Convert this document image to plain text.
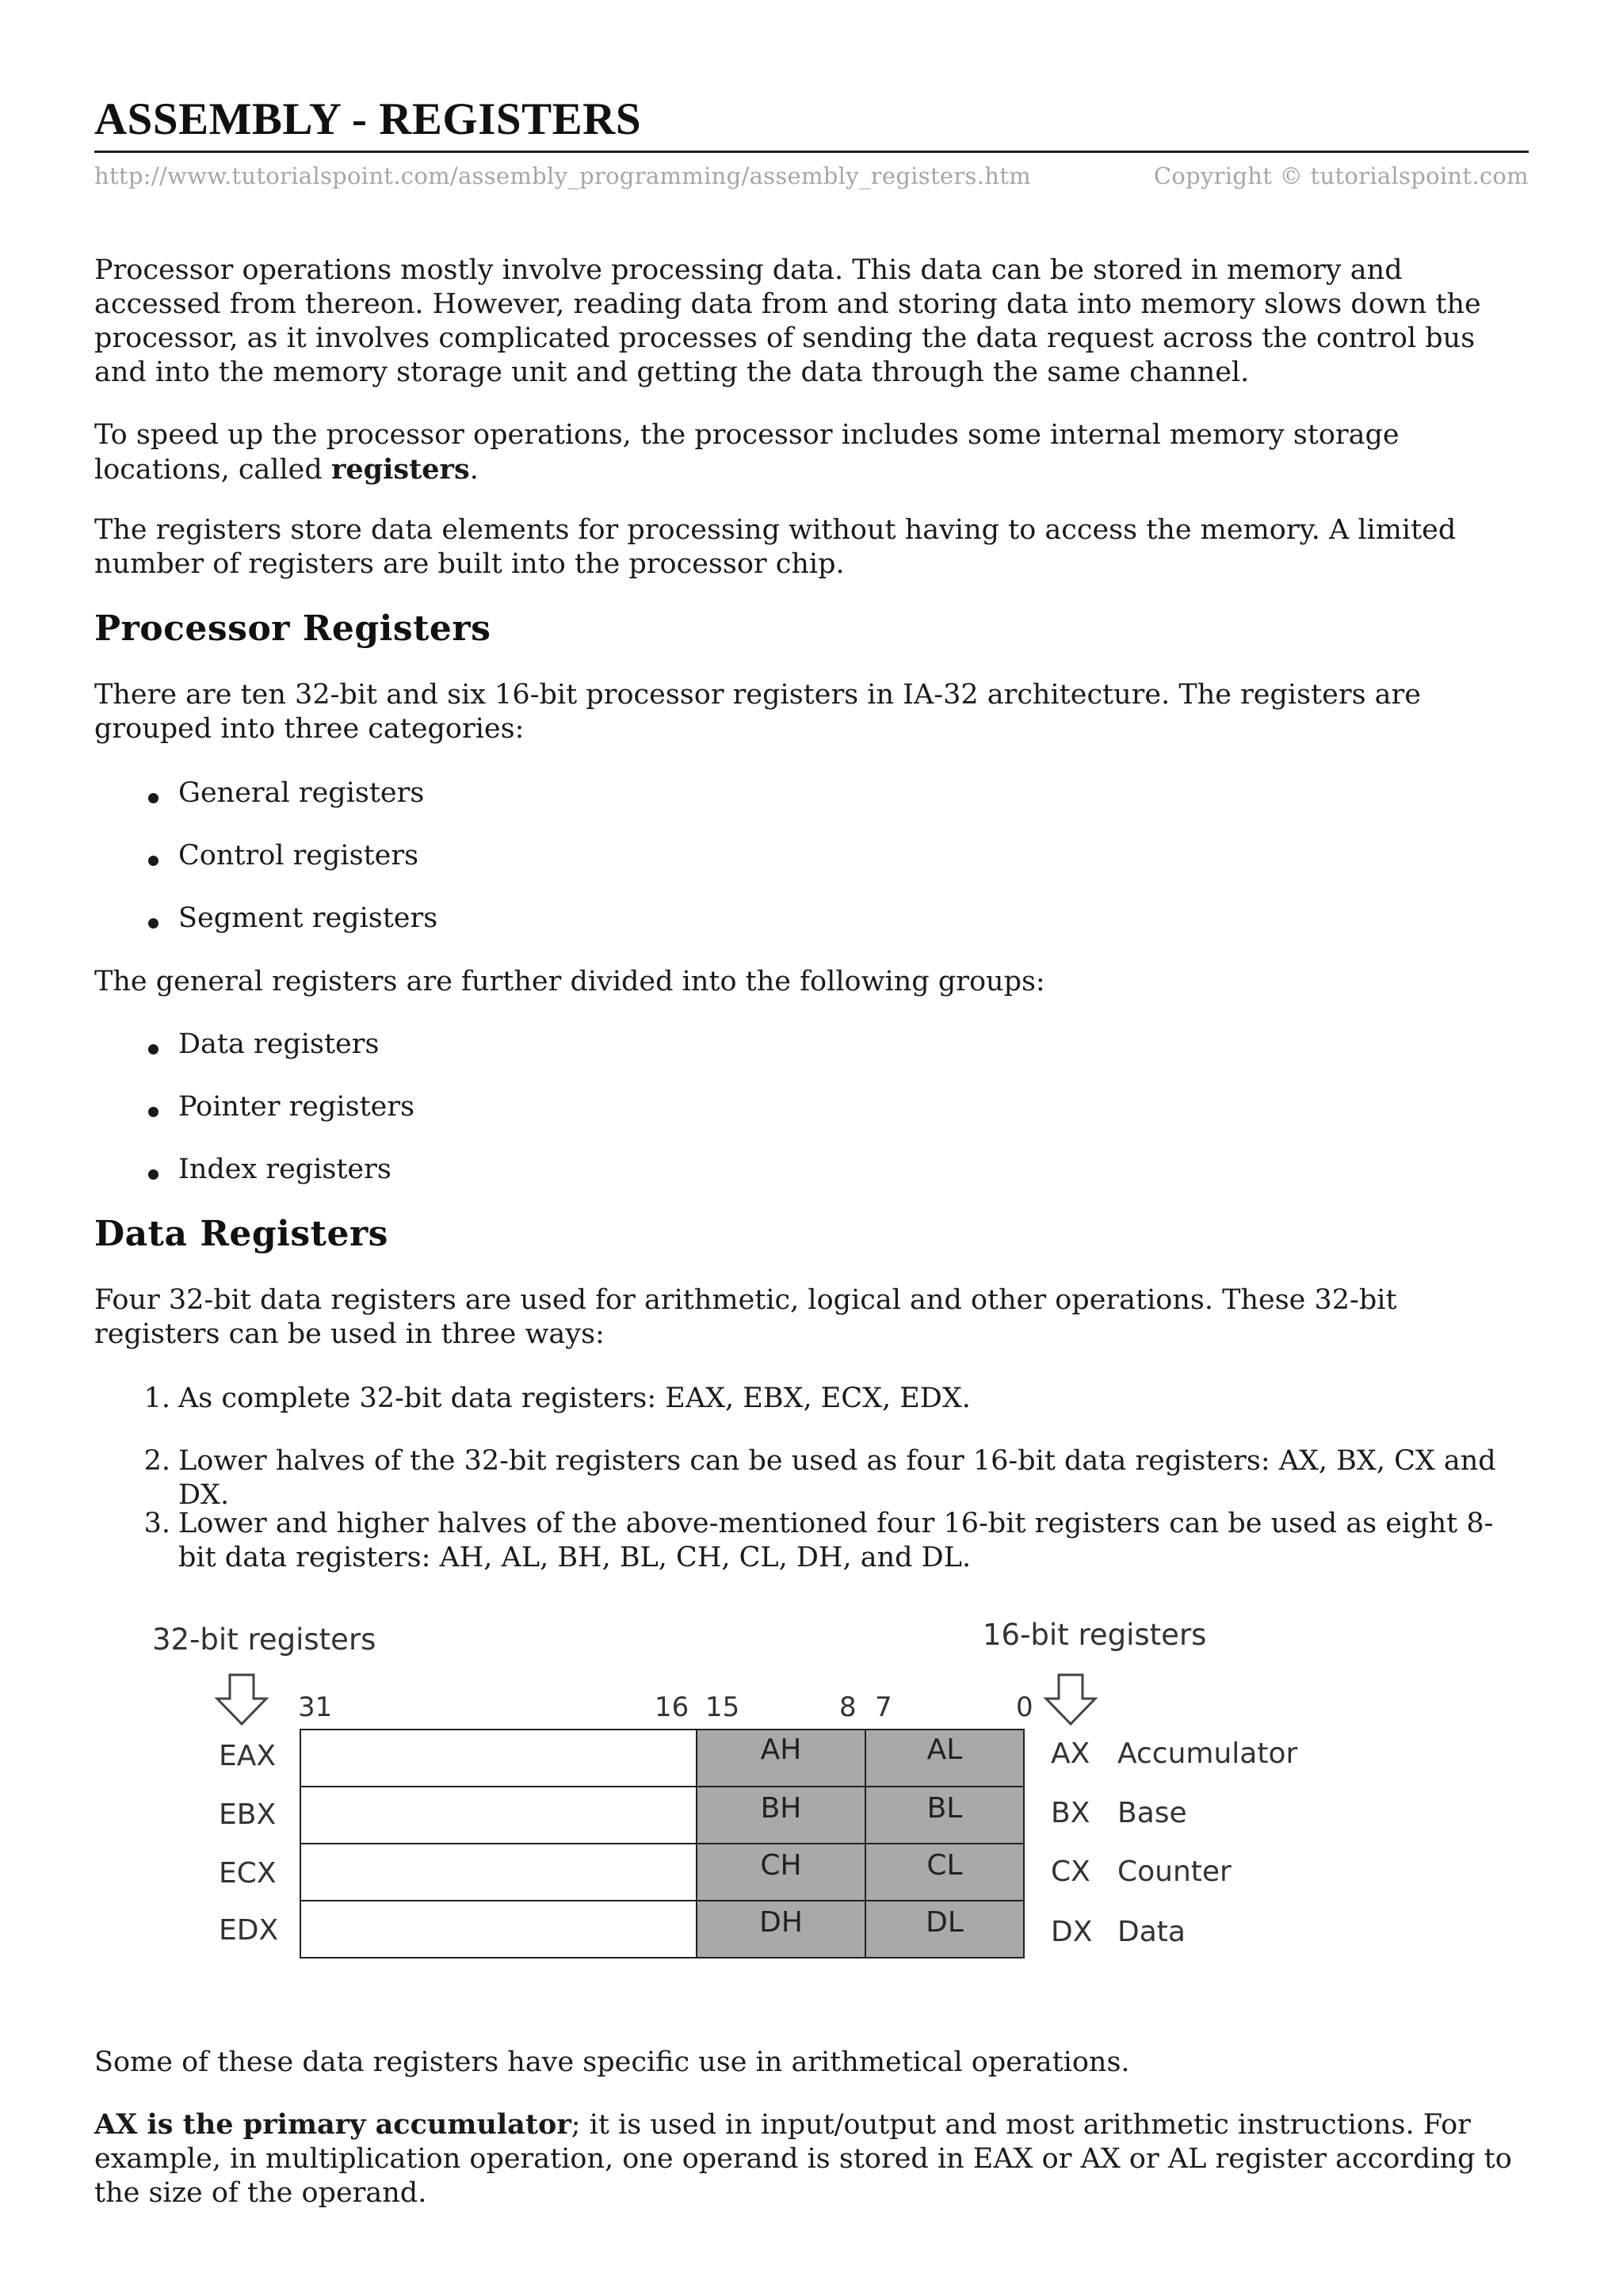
ASSEMBLY - REGISTERS
http://www.tutorialspoint.com/assembly_programming/assembly_registers.htm	Copyright © tutorialspoint.com
Processor operations mostly involve processing data. This data can be stored in memory and accessed from thereon. However, reading data from and storing data into memory slows down the processor, as it involves complicated processes of sending the data request across the control bus and into the memory storage unit and getting the data through the same channel.
To speed up the processor operations, the processor includes some internal memory storage locations, called registers.
The registers store data elements for processing without having to access the memory. A limited number of registers are built into the processor chip.
Processor Registers
There are ten 32-bit and six 16-bit processor registers in IA-32 architecture. The registers are grouped into three categories:
General registers
Control registers
Segment registers
The general registers are further divided into the following groups:
Data registers
Pointer registers
Index registers
Data Registers
Four 32-bit data registers are used for arithmetic, logical and other operations. These 32-bit registers can be used in three ways:
1. As complete 32-bit data registers: EAX, EBX, ECX, EDX.
2. Lower halves of the 32-bit registers can be used as four 16-bit data registers: AX, BX, CX and DX.
3. Lower and higher halves of the above-mentioned four 16-bit registers can be used as eight 8-bit data registers: AH, AL, BH, BL, CH, CL, DH, and DL.
Some of these data registers have specific use in arithmetical operations.
AX is the primary accumulator; it is used in input/output and most arithmetic instructions. For example, in multiplication operation, one operand is stored in EAX or AX or AL register according to the size of the operand.
32-bit registers	16-bit registers
31	16 15	8 7	0
EAX	AH	AL	AX Accumulator
EBX	BH	BL	BX Base
ECX	CH	CL	CX Counter
EDX	DH	DL	DX Data
